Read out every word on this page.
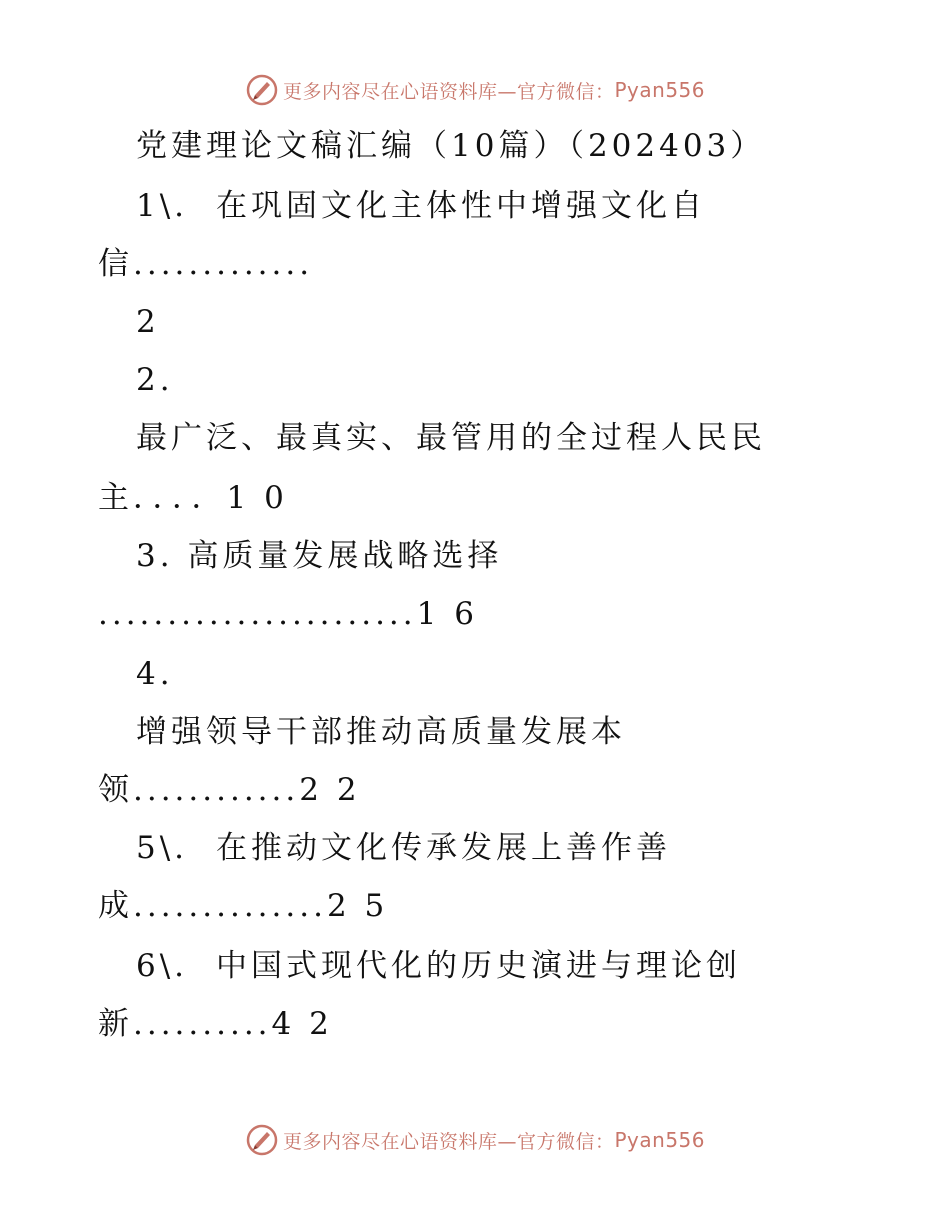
更多内容尽在心语资料库—官方微信： Pyan556
党建理论文稿汇编（10篇）（202403）
1\. 在巩固文化主体性中增强文化自
信.............
2
2.
最广泛、最真实、最管用的全过程人民民
主．．．．1 0
3. 高质量发展战略选择
.......................1 6
4.
增强领导干部推动高质量发展本
领............2 2
5\. 在推动文化传承发展上善作善
成..............2 5
6\. 中国式现代化的历史演进与理论创
新..........4 2
更多内容尽在心语资料库—官方微信： Pyan556
